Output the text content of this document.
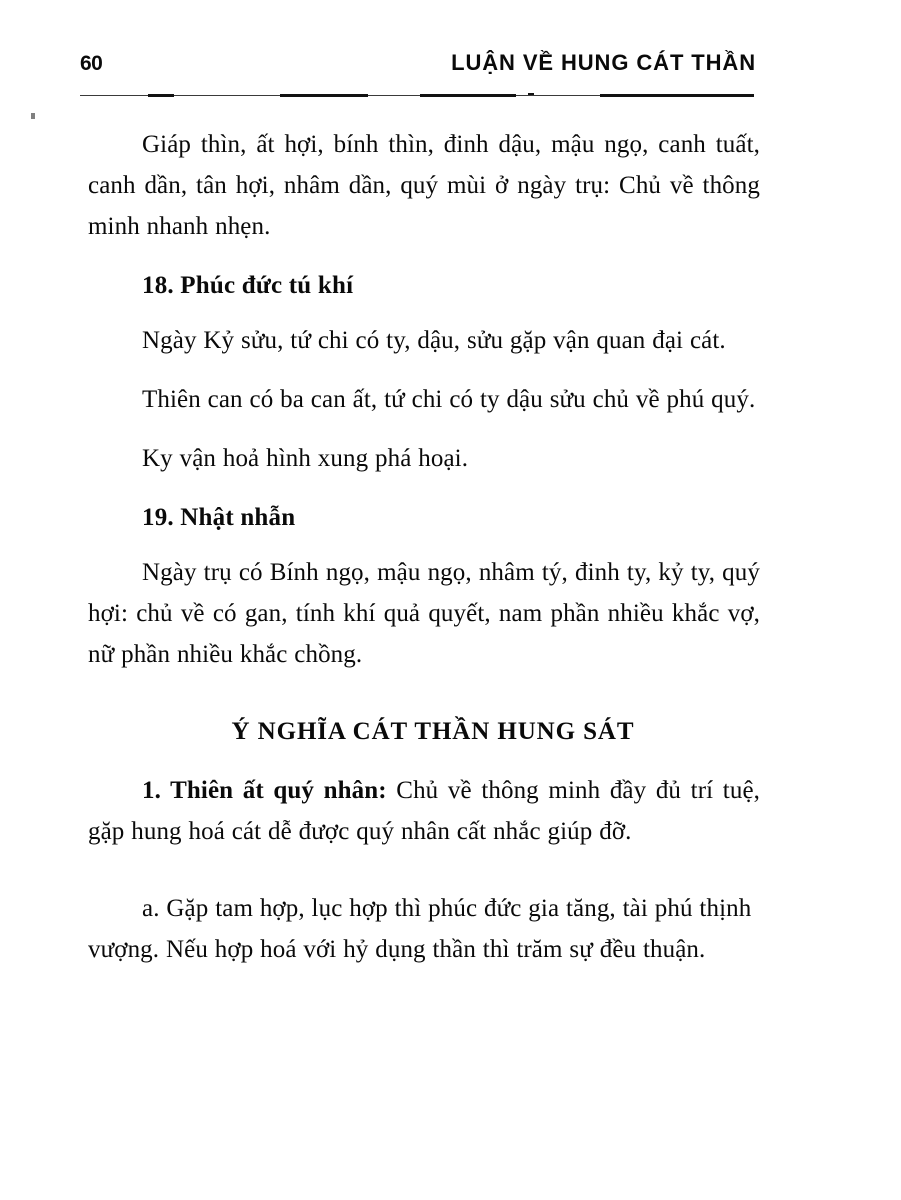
60	LUẬN VỀ HUNG CÁT THẦN

Giáp thìn, ất hợi, bính thìn, đinh dậu, mậu ngọ, canh tuất, canh dần, tân hợi, nhâm dần, quý mùi ở ngày trụ: Chủ về thông minh nhanh nhẹn.

18. Phúc đức tú khí

Ngày Kỷ sửu, tứ chi có ty, dậu, sửu gặp vận quan đại cát.

Thiên can có ba can ất, tứ chi có ty dậu sửu chủ về phú quý.

Ky vận hoả hình xung phá hoại.

19. Nhật nhẫn

Ngày trụ có Bính ngọ, mậu ngọ, nhâm tý, đinh ty, kỷ ty, quý hợi: chủ về có gan, tính khí quả quyết, nam phần nhiều khắc vợ, nữ phần nhiều khắc chồng.

Ý NGHĨA CÁT THẦN HUNG SÁT

1. Thiên ất quý nhân: Chủ về thông minh đầy đủ trí tuệ, gặp hung hoá cát dễ được quý nhân cất nhắc giúp đỡ.

a. Gặp tam hợp, lục hợp thì phúc đức gia tăng, tài phú thịnh vượng. Nếu hợp hoá với hỷ dụng thần thì trăm sự đều thuận.
